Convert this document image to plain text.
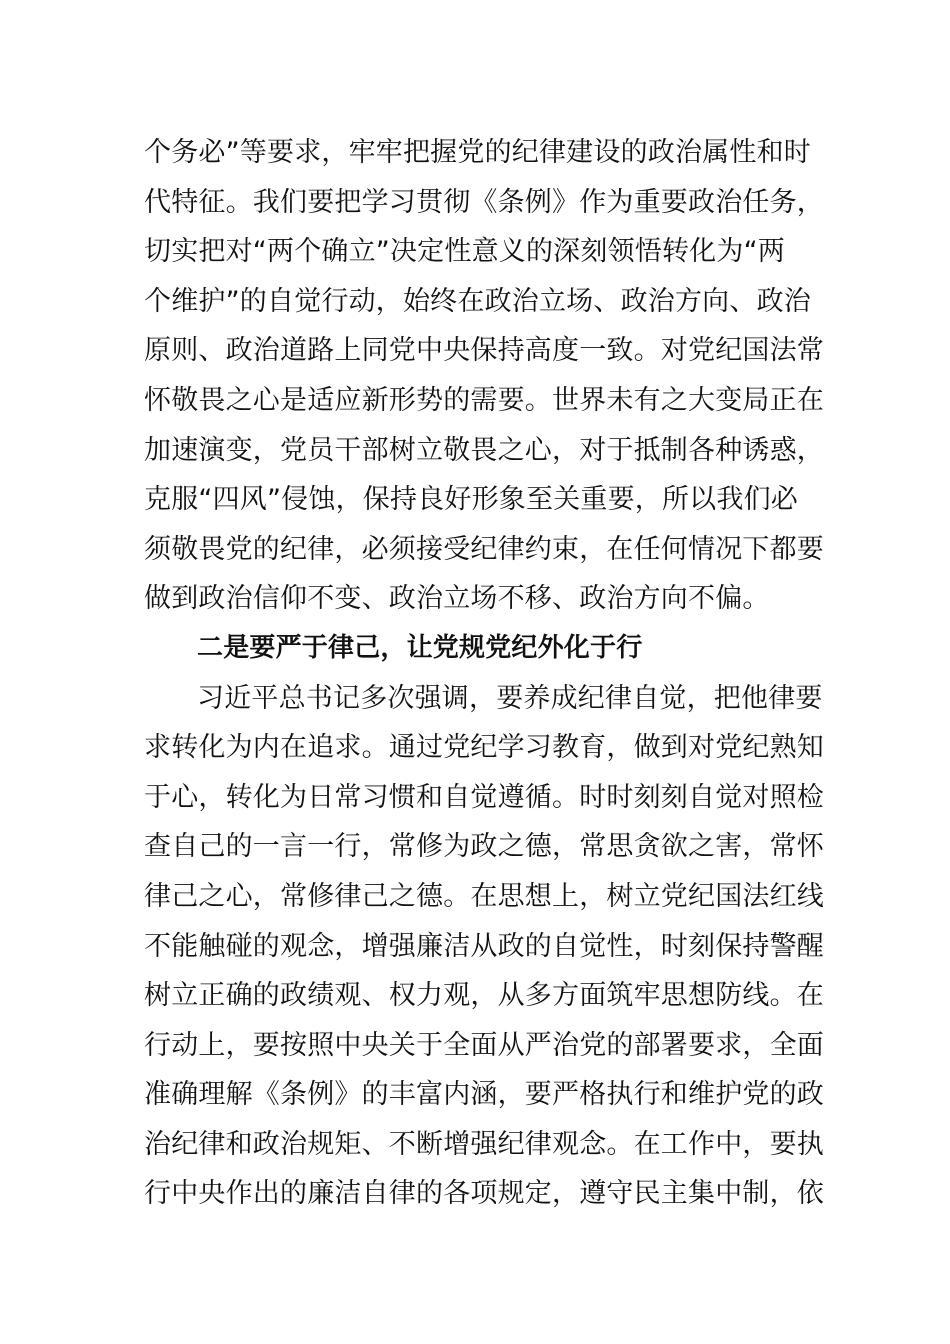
个务必”等要求，牢牢把握党的纪律建设的政治属性和时
代特征。我们要把学习贯彻《条例》作为重要政治任务，
切实把对“两个确立”决定性意义的深刻领悟转化为“两
个维护”的自觉行动，始终在政治立场、政治方向、政治
原则、政治道路上同党中央保持高度一致。对党纪国法常
怀敬畏之心是适应新形势的需要。世界未有之大变局正在
加速演变，党员干部树立敬畏之心，对于抵制各种诱惑，
克服“四风”侵蚀，保持良好形象至关重要，所以我们必
须敬畏党的纪律，必须接受纪律约束，在任何情况下都要
做到政治信仰不变、政治立场不移、政治方向不偏。
二是要严于律己，让党规党纪外化于行
习近平总书记多次强调，要养成纪律自觉，把他律要
求转化为内在追求。通过党纪学习教育，做到对党纪熟知
于心，转化为日常习惯和自觉遵循。时时刻刻自觉对照检
查自己的一言一行，常修为政之德，常思贪欲之害，常怀
律己之心，常修律己之德。在思想上，树立党纪国法红线
不能触碰的观念，增强廉洁从政的自觉性，时刻保持警醒
树立正确的政绩观、权力观，从多方面筑牢思想防线。在
行动上，要按照中央关于全面从严治党的部署要求，全面
准确理解《条例》的丰富内涵，要严格执行和维护党的政
治纪律和政治规矩、不断增强纪律观念。在工作中，要执
行中央作出的廉洁自律的各项规定，遵守民主集中制，依
